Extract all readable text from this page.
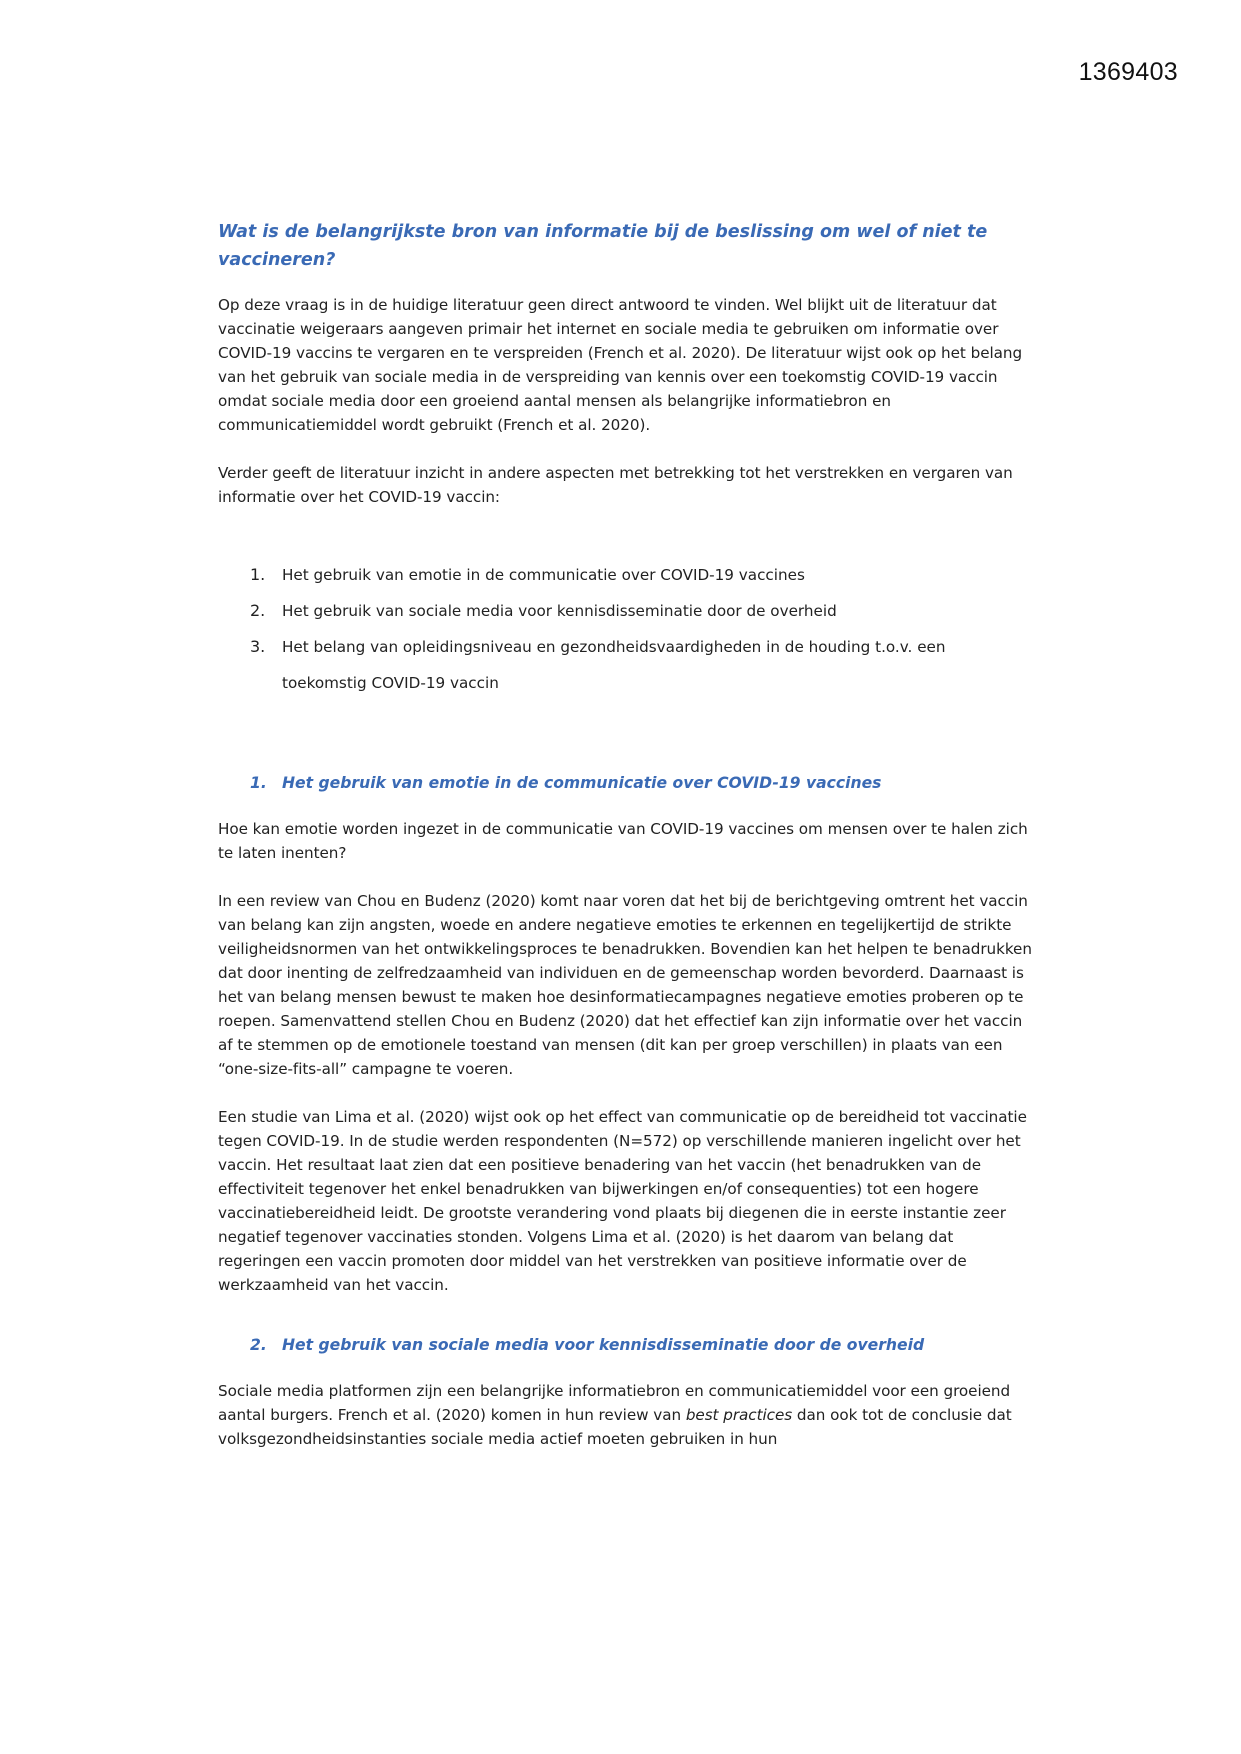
1369403
Wat is de belangrijkste bron van informatie bij de beslissing om wel of niet te vaccineren?

Op deze vraag is in de huidige literatuur geen direct antwoord te vinden. Wel blijkt uit de literatuur dat vaccinatie weigeraars aangeven primair het internet en sociale media te gebruiken om informatie over COVID-19 vaccins te vergaren en te verspreiden (French et al. 2020). De literatuur wijst ook op het belang van het gebruik van sociale media in de verspreiding van kennis over een toekomstig COVID-19 vaccin omdat sociale media door een groeiend aantal mensen als belangrijke informatiebron en communicatiemiddel wordt gebruikt (French et al. 2020).

Verder geeft de literatuur inzicht in andere aspecten met betrekking tot het verstrekken en vergaren van informatie over het COVID-19 vaccin:

1.	Het gebruik van emotie in de communicatie over COVID-19 vaccines
2.	Het gebruik van sociale media voor kennisdisseminatie door de overheid
3.	Het belang van opleidingsniveau en gezondheidsvaardigheden in de houding t.o.v. een toekomstig COVID-19 vaccin
1. Het gebruik van emotie in de communicatie over COVID-19 vaccines

Hoe kan emotie worden ingezet in de communicatie van COVID-19 vaccines om mensen over te halen zich te laten inenten?

In een review van Chou en Budenz (2020) komt naar voren dat het bij de berichtgeving omtrent het vaccin van belang kan zijn angsten, woede en andere negatieve emoties te erkennen en tegelijkertijd de strikte veiligheidsnormen van het ontwikkelingsproces te benadrukken. Bovendien kan het helpen te benadrukken dat door inenting de zelfredzaamheid van individuen en de gemeenschap worden bevorderd. Daarnaast is het van belang mensen bewust te maken hoe desinformatiecampagnes negatieve emoties proberen op te roepen. Samenvattend stellen Chou en Budenz (2020) dat het effectief kan zijn informatie over het vaccin af te stemmen op de emotionele toestand van mensen (dit kan per groep verschillen) in plaats van een “one-size-fits-all” campagne te voeren.

Een studie van Lima et al. (2020) wijst ook op het effect van communicatie op de bereidheid tot vaccinatie tegen COVID-19. In de studie werden respondenten (N=572) op verschillende manieren ingelicht over het vaccin. Het resultaat laat zien dat een positieve benadering van het vaccin (het benadrukken van de effectiviteit tegenover het enkel benadrukken van bijwerkingen en/of consequenties) tot een hogere vaccinatiebereidheid leidt. De grootste verandering vond plaats bij diegenen die in eerste instantie zeer negatief tegenover vaccinaties stonden. Volgens Lima et al. (2020) is het daarom van belang dat regeringen een vaccin promoten door middel van het verstrekken van positieve informatie over de werkzaamheid van het vaccin.

2. Het gebruik van sociale media voor kennisdisseminatie door de overheid

Sociale media platformen zijn een belangrijke informatiebron en communicatiemiddel voor een groeiend aantal burgers. French et al. (2020) komen in hun review van best practices dan ook tot de conclusie dat volksgezondheidsinstanties sociale media actief moeten gebruiken in hun
